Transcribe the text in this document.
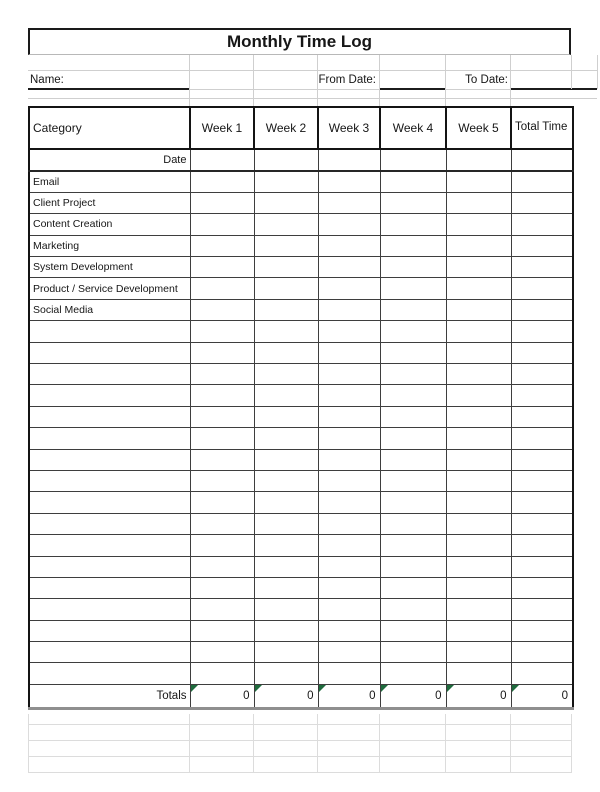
Monthly Time Log
Name:	From Date:	To Date:
Category	Week 1	Week 2	Week 3	Week 4	Week 5	Total Time
Date						
Email						
Client Project						
Content Creation						
Marketing						
System Development						
Product / Service Development						
Social Media						

Totals	0	0	0	0	0	0
